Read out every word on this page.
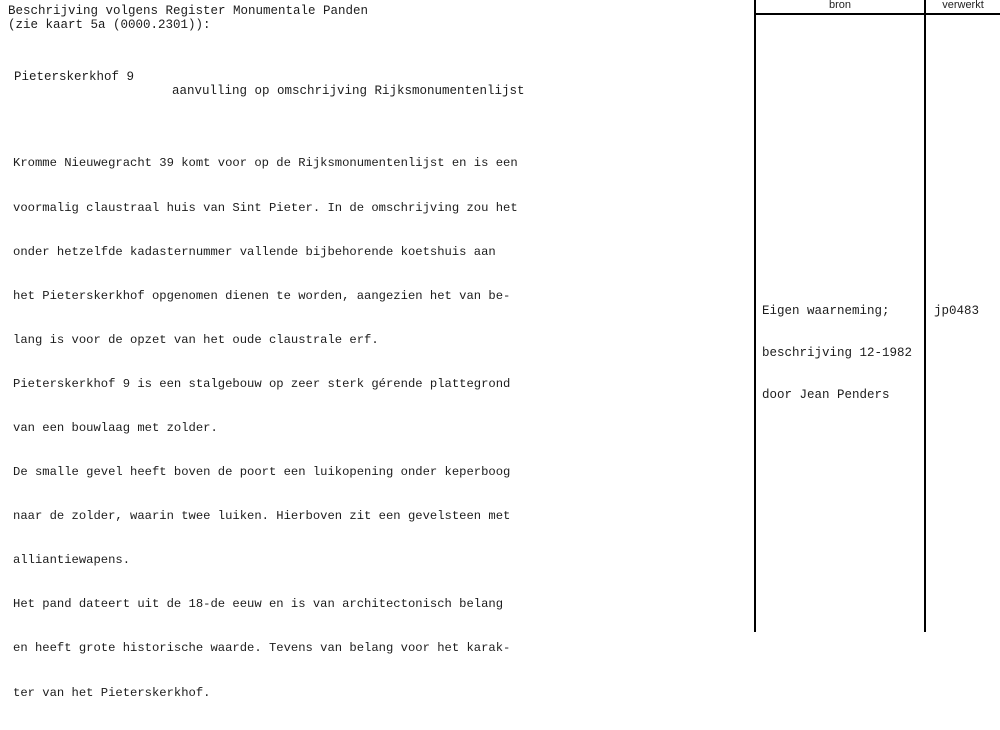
Beschrijving volgens Register Monumentale Panden
(zie kaart 5a (0000.2301)):

Pieterskerkhof 9

aanvulling op omschrijving Rijksmonumentenlijst

Kromme Nieuwegracht 39 komt voor op de Rijksmonumentenlijst en is een

voormalig claustraal huis van Sint Pieter. In de omschrijving zou het

onder hetzelfde kadasternummer vallende bijbehorende koetshuis aan

het Pieterskerkhof opgenomen dienen te worden, aangezien het van be-

lang is voor de opzet van het oude claustrale erf.

Pieterskerkhof 9 is een stalgebouw op zeer sterk gérende plattegrond

van een bouwlaag met zolder.

De smalle gevel heeft boven de poort een luikopening onder keperboog

naar de zolder, waarin twee luiken. Hierboven zit een gevelsteen met

alliantiewapens.

Het pand dateert uit de 18-de eeuw en is van architectonisch belang

en heeft grote historische waarde. Tevens van belang voor het karak-

ter van het Pieterskerkhof.

bron	verwerkt

Eigen waarneming;

beschrijving 12-1982

door Jean Penders

jp0483
